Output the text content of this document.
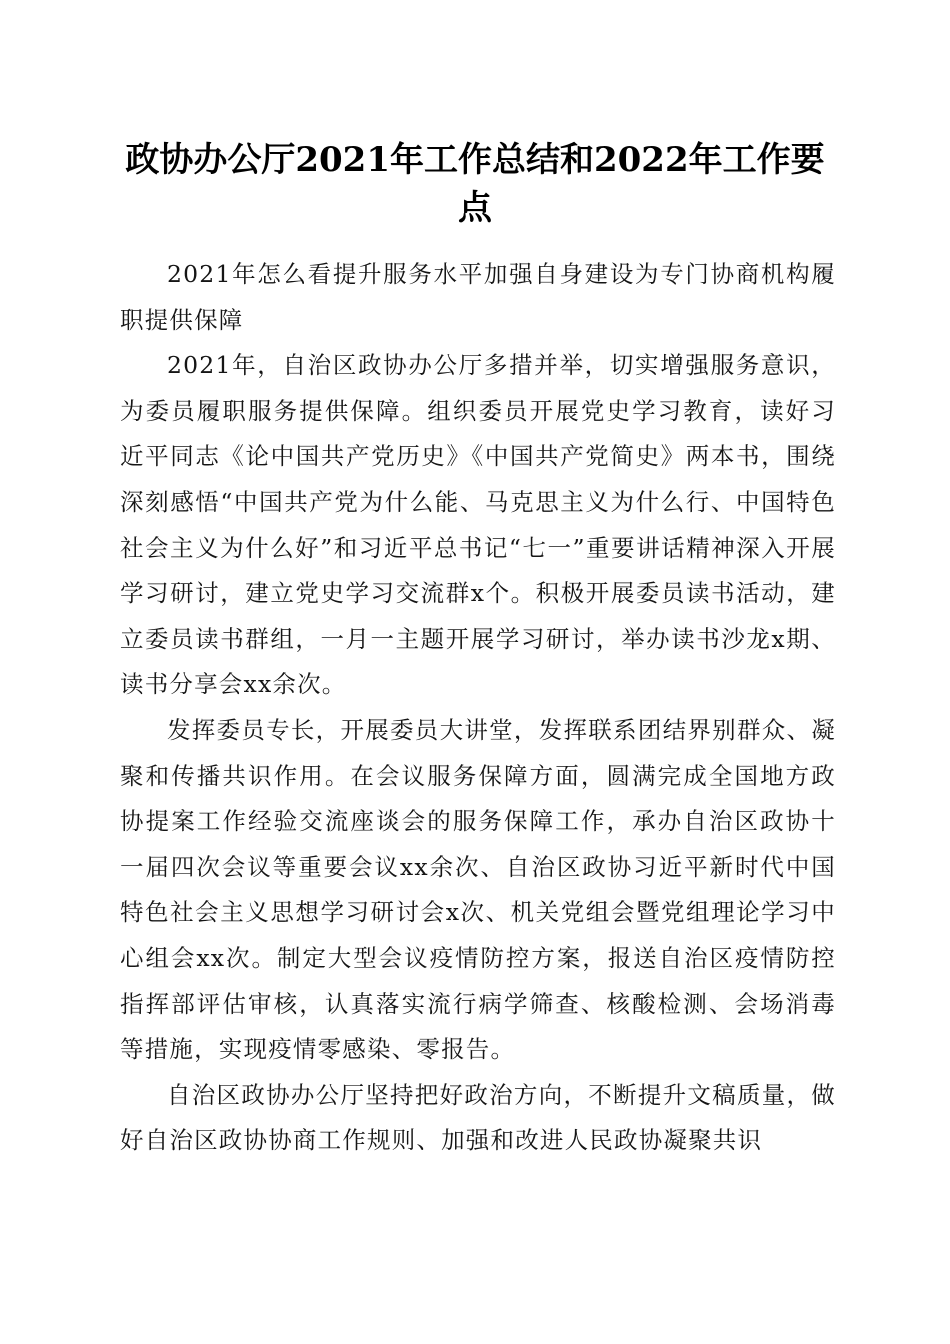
政协办公厅2021年工作总结和2022年工作要点

2021年怎么看提升服务水平加强自身建设为专门协商机构履职提供保障

2021年，自治区政协办公厅多措并举，切实增强服务意识，为委员履职服务提供保障。组织委员开展党史学习教育，读好习近平同志《论中国共产党历史》《中国共产党简史》两本书，围绕深刻感悟“中国共产党为什么能、马克思主义为什么行、中国特色社会主义为什么好”和习近平总书记“七一”重要讲话精神深入开展学习研讨，建立党史学习交流群x个。积极开展委员读书活动，建立委员读书群组，一月一主题开展学习研讨，举办读书沙龙x期、读书分享会xx余次。

发挥委员专长，开展委员大讲堂，发挥联系团结界别群众、凝聚和传播共识作用。在会议服务保障方面，圆满完成全国地方政协提案工作经验交流座谈会的服务保障工作，承办自治区政协十一届四次会议等重要会议xx余次、自治区政协习近平新时代中国特色社会主义思想学习研讨会x次、机关党组会暨党组理论学习中心组会xx次。制定大型会议疫情防控方案，报送自治区疫情防控指挥部评估审核，认真落实流行病学筛查、核酸检测、会场消毒等措施，实现疫情零感染、零报告。

自治区政协办公厅坚持把好政治方向，不断提升文稿质量，做好自治区政协协商工作规则、加强和改进人民政协凝聚共识
